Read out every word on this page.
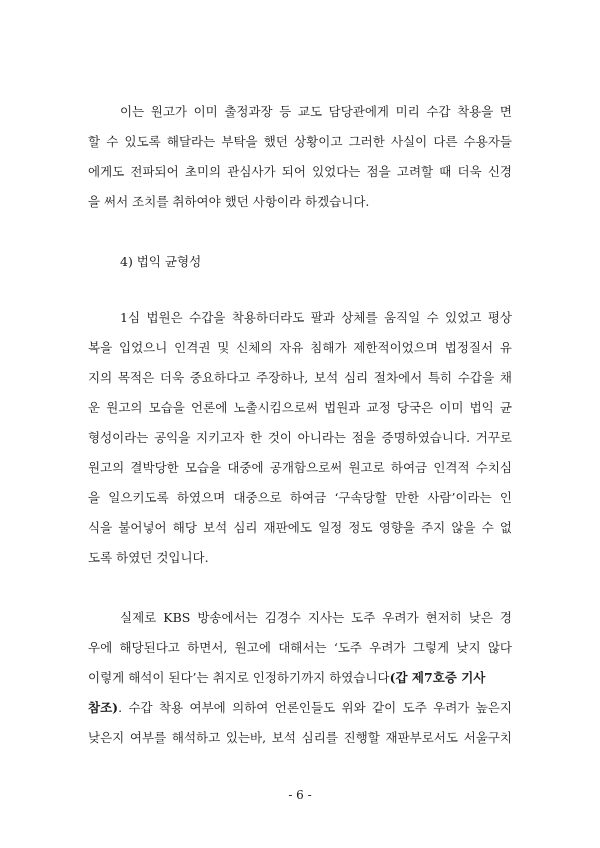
이는 원고가 이미 출정과장 등 교도 담당관에게 미리 수갑 착용을 면
할 수 있도록 해달라는 부탁을 했던 상황이고 그러한 사실이 다른 수용자들
에게도 전파되어 초미의 관심사가 되어 있었다는 점을 고려할 때 더욱 신경
을 써서 조치를 취하여야 했던 사항이라 하겠습니다.
4) 법익 균형성
1심 법원은 수갑을 착용하더라도 팔과 상체를 움직일 수 있었고 평상
복을 입었으니 인격권 및 신체의 자유 침해가 제한적이었으며 법정질서 유
지의 목적은 더욱 중요하다고 주장하나, 보석 심리 절차에서 특히 수갑을 채
운 원고의 모습을 언론에 노출시킴으로써 법원과 교정 당국은 이미 법익 균
형성이라는 공익을 지키고자 한 것이 아니라는 점을 증명하였습니다. 거꾸로
원고의 결박당한 모습을 대중에 공개함으로써 원고로 하여금 인격적 수치심
을 일으키도록 하였으며 대중으로 하여금 ‘구속당할 만한 사람’이라는 인
식을 불어넣어 해당 보석 심리 재판에도 일정 정도 영향을 주지 않을 수 없
도록 하였던 것입니다.
실제로 KBS 방송에서는 김경수 지사는 도주 우려가 현저히 낮은 경
우에 해당된다고 하면서, 원고에 대해서는 ‘도주 우려가 그렇게 낮지 않다
이렇게 해석이 된다’는 취지로 인정하기까지 하였습니다(갑 제7호증 기사
참조). 수갑 착용 여부에 의하여 언론인들도 위와 같이 도주 우려가 높은지
낮은지 여부를 해석하고 있는바, 보석 심리를 진행할 재판부로서도 서울구치
- 6 -
